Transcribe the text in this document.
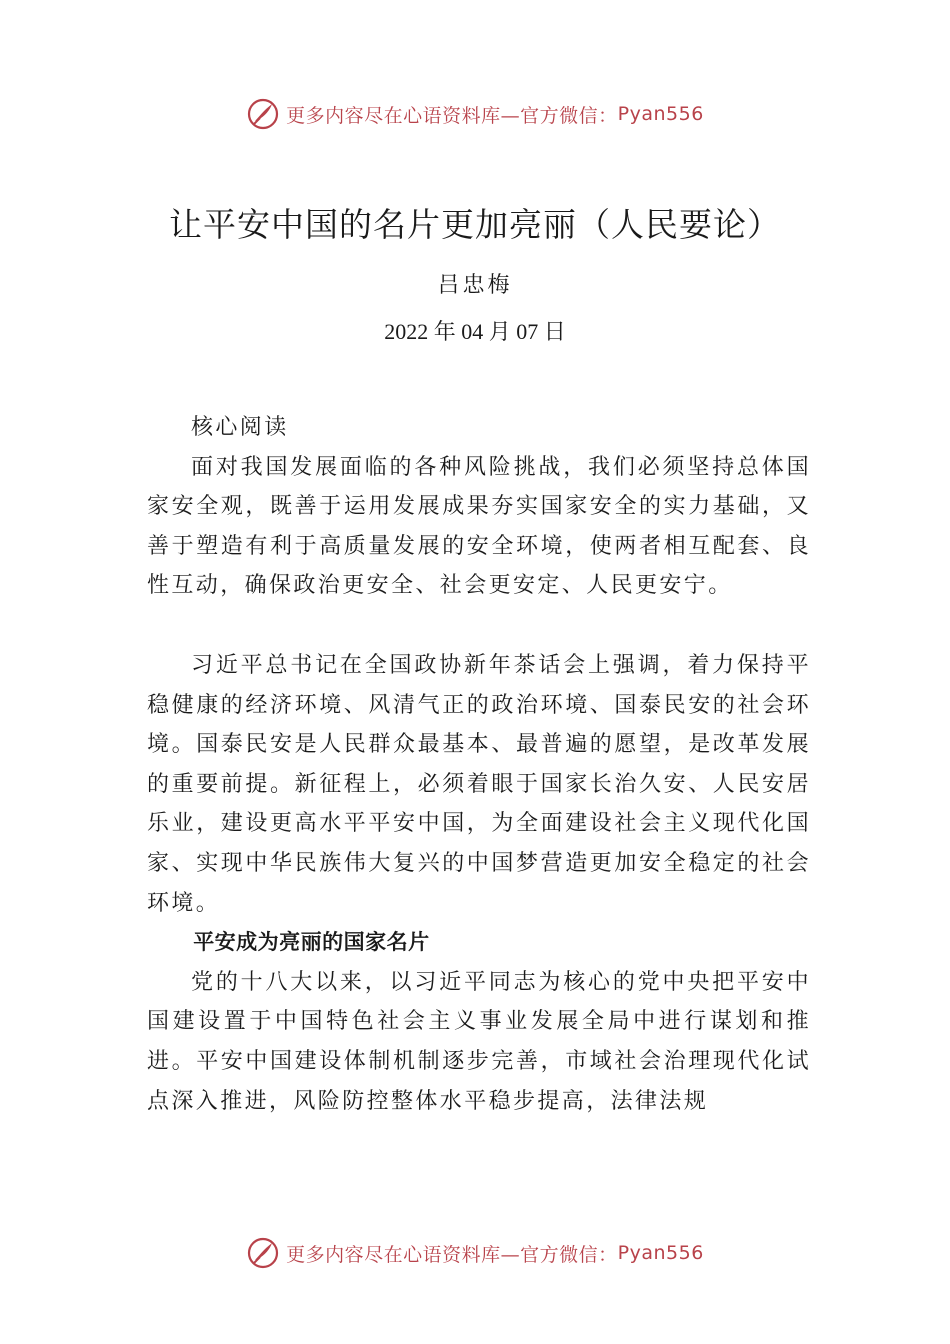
更多内容尽在心语资料库—官方微信： Pyan556
让平安中国的名片更加亮丽（人民要论）
吕忠梅
2022 年 04 月 07 日

核心阅读

面对我国发展面临的各种风险挑战，我们必须坚持总体国家安全观，既善于运用发展成果夯实国家安全的实力基础，又善于塑造有利于高质量发展的安全环境，使两者相互配套、良性互动，确保政治更安全、社会更安定、人民更安宁。

习近平总书记在全国政协新年茶话会上强调，着力保持平稳健康的经济环境、风清气正的政治环境、国泰民安的社会环境。国泰民安是人民群众最基本、最普遍的愿望，是改革发展的重要前提。新征程上，必须着眼于国家长治久安、人民安居乐业，建设更高水平平安中国，为全面建设社会主义现代化国家、实现中华民族伟大复兴的中国梦营造更加安全稳定的社会环境。

平安成为亮丽的国家名片

党的十八大以来，以习近平同志为核心的党中央把平安中国建设置于中国特色社会主义事业发展全局中进行谋划和推进。平安中国建设体制机制逐步完善，市域社会治理现代化试点深入推进，风险防控整体水平稳步提高，法律法规

更多内容尽在心语资料库—官方微信： Pyan556
